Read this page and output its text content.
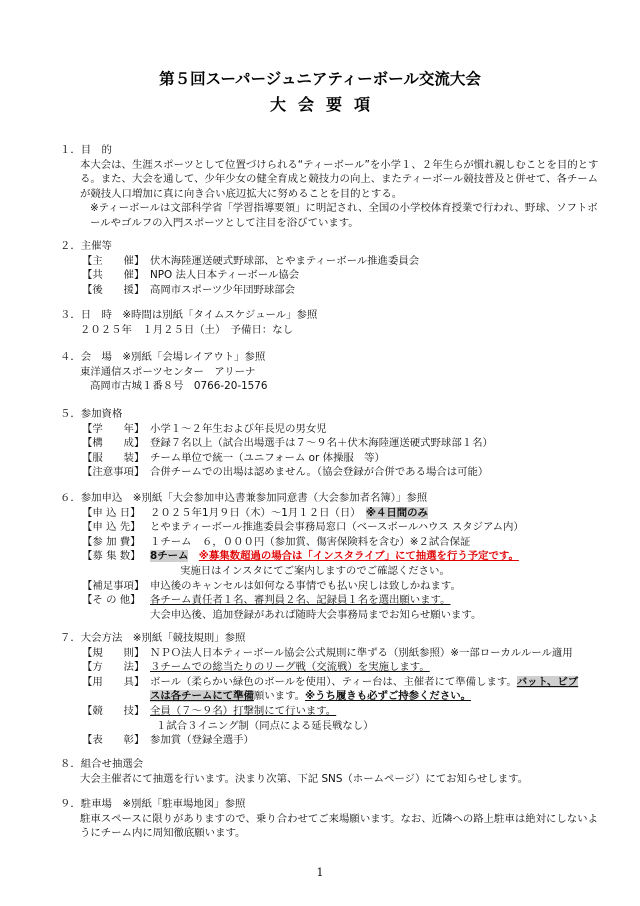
第５回スーパージュニアティーボール交流大会
大会要項
１．目　的
本大会は、生涯スポーツとして位置づけられる“ティーボール”を小学１、２年生らが慣れ親しむことを目的とする。また、大会を通して、少年少女の健全育成と競技力の向上、またティーボール競技普及と併せて、各チームが競技人口増加に真に向き合い底辺拡大に努めることを目的とする。
※ティーボールは文部科学省「学習指導要領」に明記され、全国の小学校体育授業で行われ、野球、ソフトボールやゴルフの入門スポーツとして注目を浴びています。
２．主催等
【主　　催】 伏木海陸運送硬式野球部、とやまティーボール推進委員会
【共　　催】 NPO 法人日本ティーボール協会
【後　　援】 高岡市スポーツ少年団野球部会
３．日　時　※時間は別紙「タイムスケジュール」参照
２０２５年　１月２５日（土）　予備日：なし
４．会　場　※別紙「会場レイアウト」参照
東洋通信スポーツセンター　アリーナ
高岡市古城１番８号　0766-20-1576
５．参加資格
【学　　年】 小学１～２年生および年長児の男女児
【構　　成】 登録７名以上（試合出場選手は７～９名＋伏木海陸運送硬式野球部１名）
【服　　装】 チーム単位で統一（ユニフォーム or 体操服　等）
【注意事項】 合併チームでの出場は認めません。（協会登録が合併である場合は可能）
６．参加申込　※別紙「大会参加申込書兼参加同意書（大会参加者名簿）」参照
【申 込 日】 ２０２５年1月９日（木）～1月１２日（日）　 ※４日間のみ
【申 込 先】 とやまティーボール推進委員会事務局窓口（ベースボールハウス スタジアム内）
【参 加 費】 １チーム　６，０００円（参加賞、傷害保険料を含む）※２試合保証
【募 集 数】 8チーム　 ※募集数超過の場合は「インスタライブ」にて抽選を行う予定です。
実施日はインスタにてご案内しますのでご確認ください。
【補足事項】 申込後のキャンセルは如何なる事情でも払い戻しは致しかねます。
【そ の 他】 各チーム責任者１名、審判員２名、記録員１名を選出願います。
大会申込後、追加登録があれば随時大会事務局までお知らせ願います。
７．大会方法　※別紙「競技規則」参照
【規　　則】 ＮＰＯ法人日本ティーボール協会公式規則に準ずる（別紙参照）※一部ローカルルール適用
【方　　法】 ３チームでの総当たりのリーグ戦（交流戦）を実施します。
【用　　具】 ボール（柔らかい緑色のボールを使用）、ティー台は、主催者にて準備します。バット、ビブ
スは各チームにて準備願います。※うち履きも必ずご持参ください。
【競　　技】 全員（７～９名）打撃制にて行います。
１試合３イニング制（同点による延長戦なし）
【表　　彰】 参加賞（登録全選手）
８．組合せ抽選会
大会主催者にて抽選を行います。決まり次第、下記 SNS（ホームページ）にてお知らせします。
９．駐車場　※別紙「駐車場地図」参照
駐車スペースに限りがありますので、乗り合わせてご来場願います。なお、近隣への路上駐車は絶対にしないようにチーム内に周知徹底願います。
1
